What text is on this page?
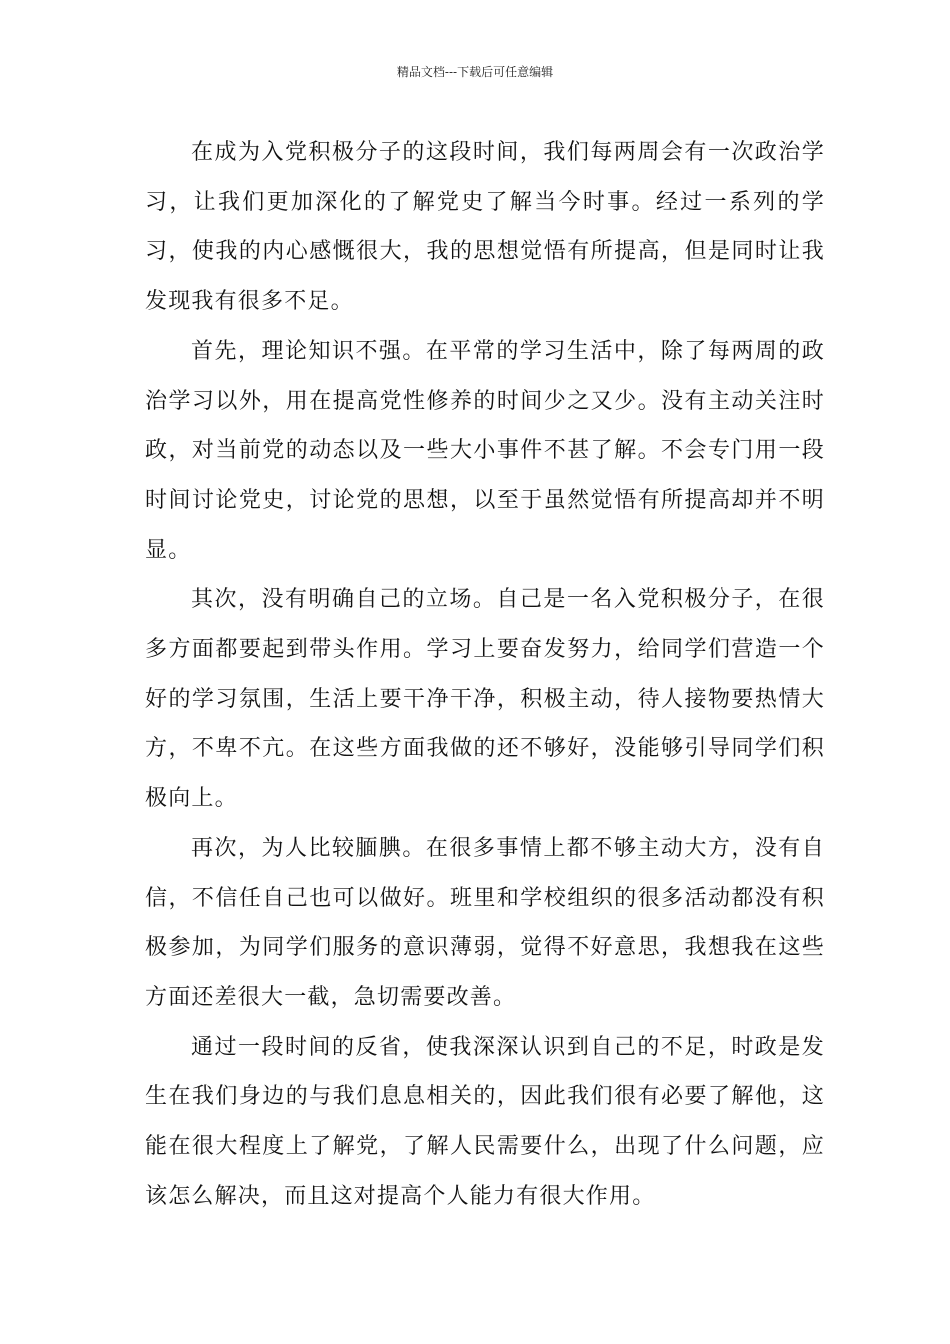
精品文档---下载后可任意编辑

在成为入党积极分子的这段时间，我们每两周会有一次政治学习，让我们更加深化的了解党史了解当今时事。经过一系列的学习，使我的内心感慨很大，我的思想觉悟有所提高，但是同时让我发现我有很多不足。

首先，理论知识不强。在平常的学习生活中，除了每两周的政治学习以外，用在提高党性修养的时间少之又少。没有主动关注时政，对当前党的动态以及一些大小事件不甚了解。不会专门用一段时间讨论党史，讨论党的思想，以至于虽然觉悟有所提高却并不明显。

其次，没有明确自己的立场。自己是一名入党积极分子，在很多方面都要起到带头作用。学习上要奋发努力，给同学们营造一个好的学习氛围，生活上要干净干净，积极主动，待人接物要热情大方，不卑不亢。在这些方面我做的还不够好，没能够引导同学们积极向上。

再次，为人比较腼腆。在很多事情上都不够主动大方，没有自信，不信任自己也可以做好。班里和学校组织的很多活动都没有积极参加，为同学们服务的意识薄弱，觉得不好意思，我想我在这些方面还差很大一截，急切需要改善。

通过一段时间的反省，使我深深认识到自己的不足，时政是发生在我们身边的与我们息息相关的，因此我们很有必要了解他，这能在很大程度上了解党，了解人民需要什么，出现了什么问题，应该怎么解决，而且这对提高个人能力有很大作用。
